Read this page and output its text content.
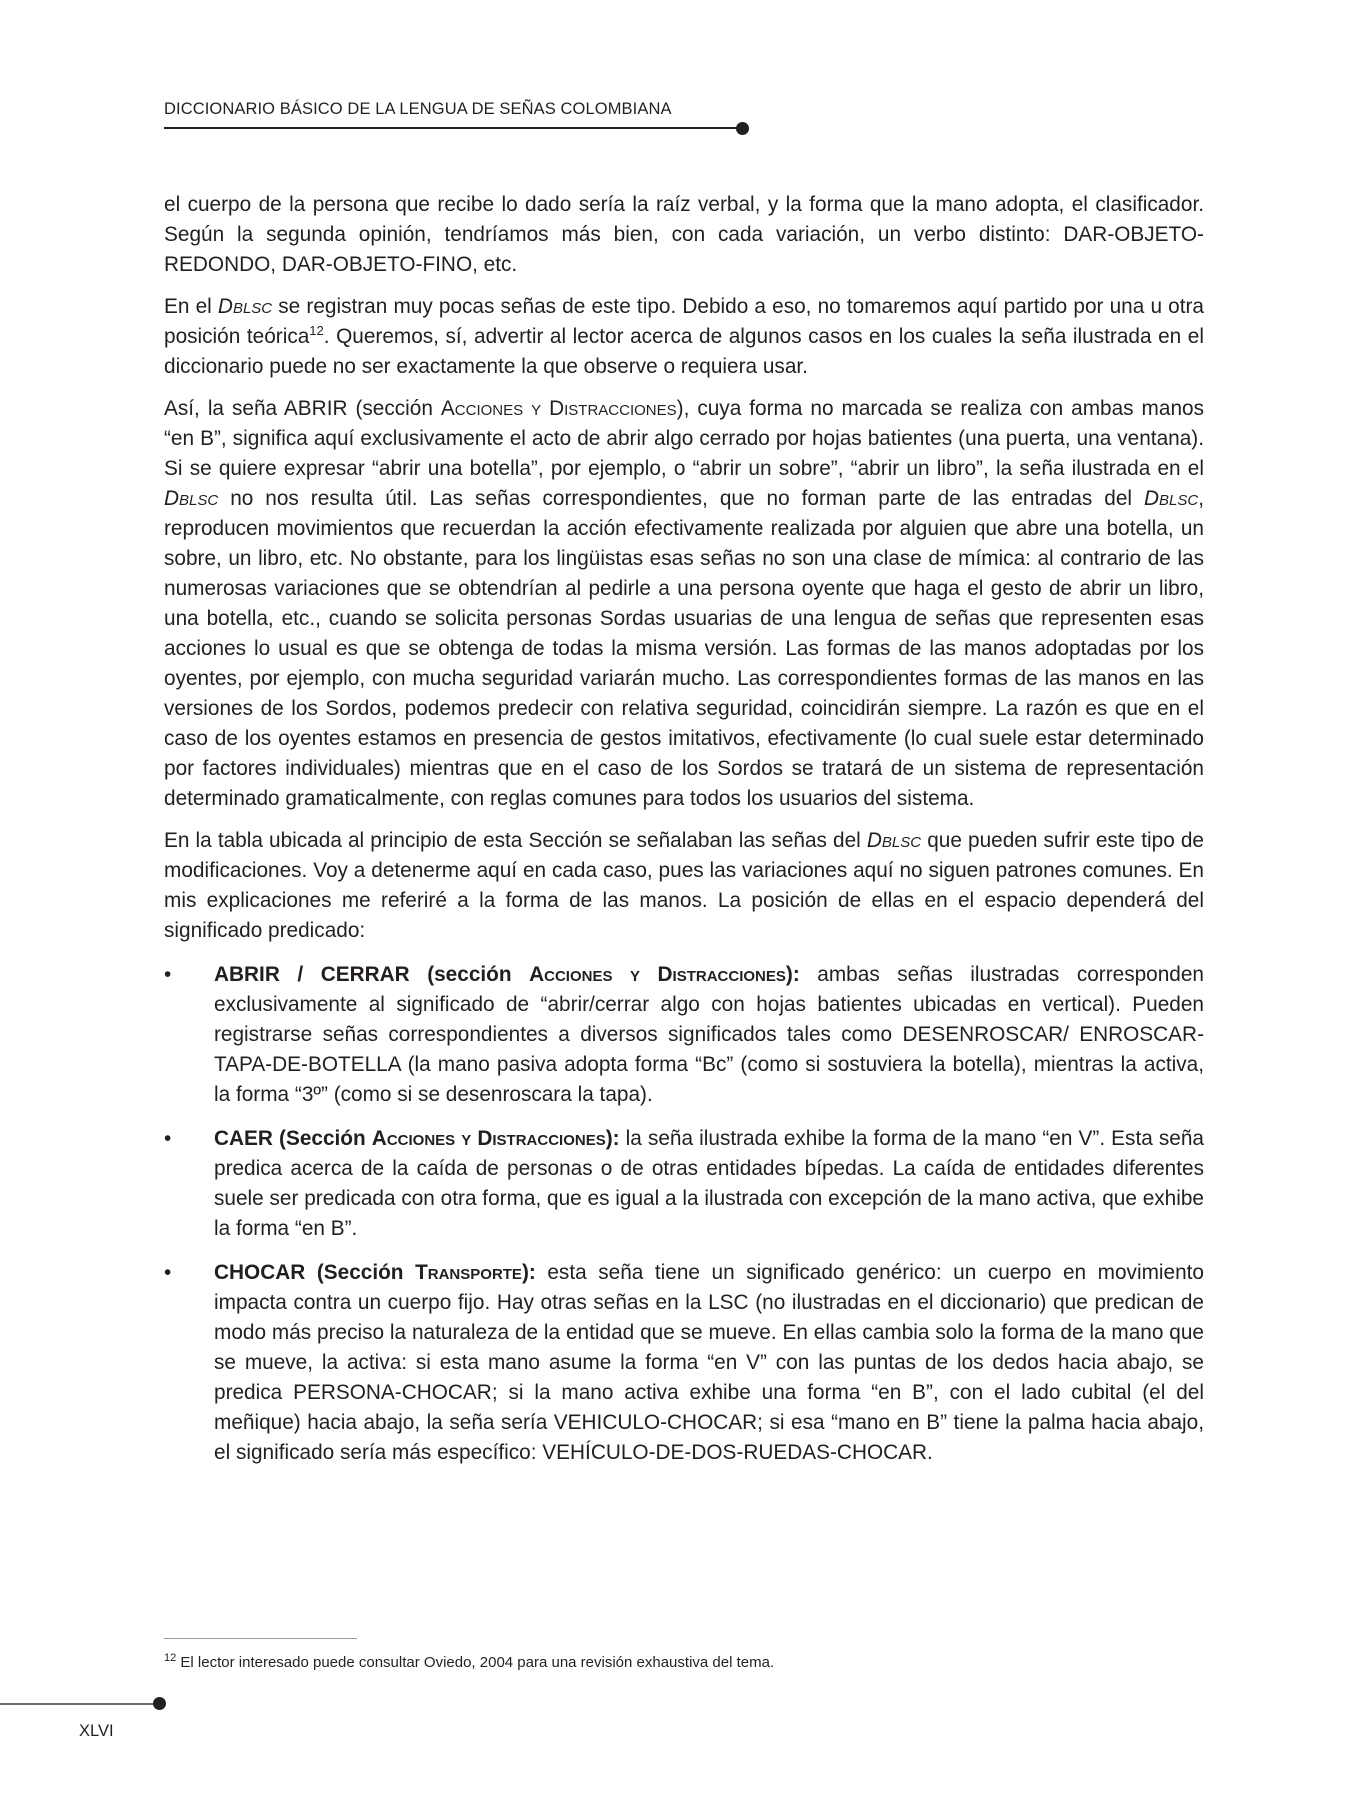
DICCIONARIO BÁSICO DE LA LENGUA DE SEÑAS COLOMBIANA

el cuerpo de la persona que recibe lo dado sería la raíz verbal, y la forma que la mano adopta, el clasificador. Según la segunda opinión, tendríamos más bien, con cada variación, un verbo distinto: DAR-OBJETO-REDONDO, DAR-OBJETO-FINO, etc.

En el Dblsc se registran muy pocas señas de este tipo. Debido a eso, no tomaremos aquí partido por una u otra posición teórica$^{12}$. Queremos, sí, advertir al lector acerca de algunos casos en los cuales la seña ilustrada en el diccionario puede no ser exactamente la que observe o requiera usar.

Así, la seña ABRIR (sección Acciones y Distracciones), cuya forma no marcada se realiza con ambas manos “en B”, significa aquí exclusivamente el acto de abrir algo cerrado por hojas batientes (una puerta, una ventana). Si se quiere expresar “abrir una botella”, por ejemplo, o “abrir un sobre”, “abrir un libro”, la seña ilustrada en el Dblsc no nos resulta útil. Las señas correspondientes, que no forman parte de las entradas del Dblsc, reproducen movimientos que recuerdan la acción efectivamente realizada por alguien que abre una botella, un sobre, un libro, etc. No obstante, para los lingüistas esas señas no son una clase de mímica: al contrario de las numerosas variaciones que se obtendrían al pedirle a una persona oyente que haga el gesto de abrir un libro, una botella, etc., cuando se solicita personas Sordas usuarias de una lengua de señas que representen esas acciones lo usual es que se obtenga de todas la misma versión. Las formas de las manos adoptadas por los oyentes, por ejemplo, con mucha seguridad variarán mucho. Las correspondientes formas de las manos en las versiones de los Sordos, podemos predecir con relativa seguridad, coincidirán siempre. La razón es que en el caso de los oyentes estamos en presencia de gestos imitativos, efectivamente (lo cual suele estar determinado por factores individuales) mientras que en el caso de los Sordos se tratará de un sistema de representación determinado gramaticalmente, con reglas comunes para todos los usuarios del sistema.

En la tabla ubicada al principio de esta Sección se señalaban las señas del Dblsc que pueden sufrir este tipo de modificaciones. Voy a detenerme aquí en cada caso, pues las variaciones aquí no siguen patrones comunes. En mis explicaciones me referiré a la forma de las manos. La posición de ellas en el espacio dependerá del significado predicado:

• ABRIR / CERRAR (sección Acciones y Distracciones): ambas señas ilustradas corresponden exclusivamente al significado de “abrir/cerrar algo con hojas batientes ubicadas en vertical). Pueden registrarse señas correspondientes a diversos significados tales como DESENROSCAR/ ENROSCAR-TAPA-DE-BOTELLA (la mano pasiva adopta forma “Bc” (como si sostuviera la botella), mientras la activa, la forma “3º” (como si se desenroscara la tapa).
• CAER (Sección Acciones y Distracciones): la seña ilustrada exhibe la forma de la mano “en V”. Esta seña predica acerca de la caída de personas o de otras entidades bípedas. La caída de entidades diferentes suele ser predicada con otra forma, que es igual a la ilustrada con excepción de la mano activa, que exhibe la forma “en B”.
• CHOCAR (Sección Transporte): esta seña tiene un significado genérico: un cuerpo en movimiento impacta contra un cuerpo fijo. Hay otras señas en la LSC (no ilustradas en el diccionario) que predican de modo más preciso la naturaleza de la entidad que se mueve. En ellas cambia solo la forma de la mano que se mueve, la activa: si esta mano asume la forma “en V” con las puntas de los dedos hacia abajo, se predica PERSONA-CHOCAR; si la mano activa exhibe una forma “en B”, con el lado cubital (el del meñique) hacia abajo, la seña sería VEHICULO-CHOCAR; si esa “mano en B” tiene la palma hacia abajo, el significado sería más específico: VEHÍCULO-DE-DOS-RUEDAS-CHOCAR.
$^{12}$ El lector interesado puede consultar Oviedo, 2004 para una revisión exhaustiva del tema.
XLVI
